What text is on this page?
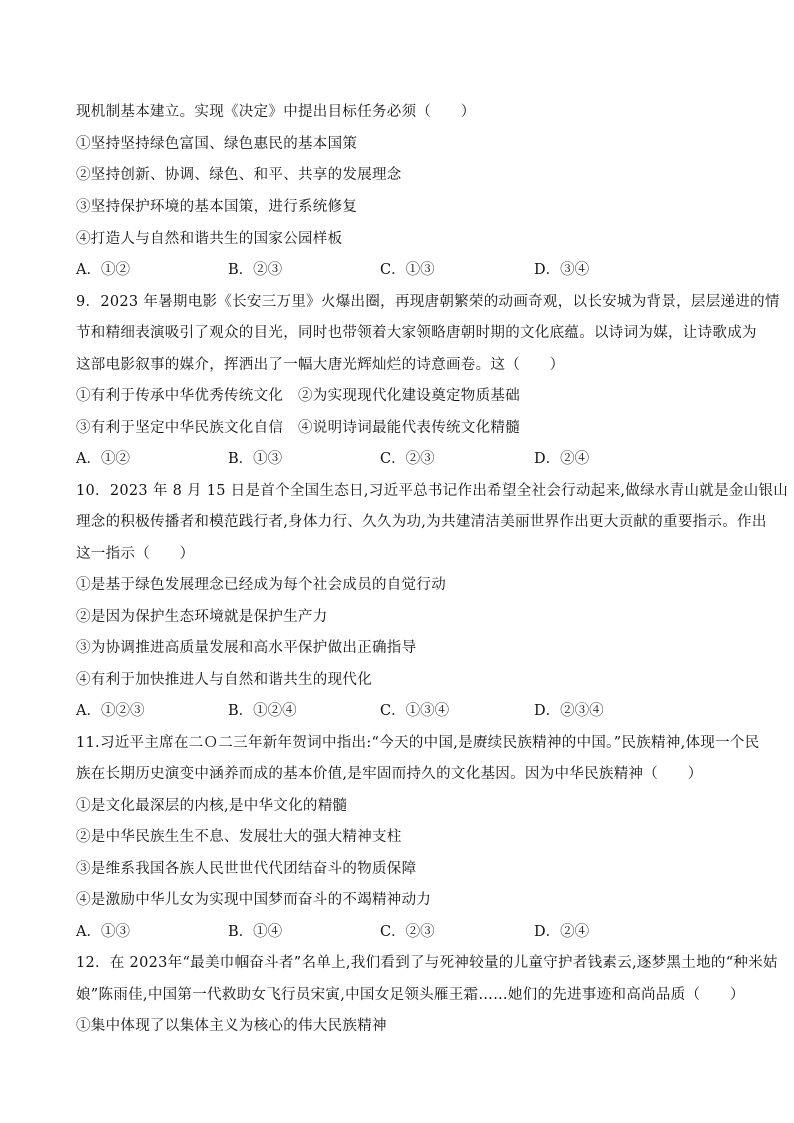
现机制基本建立。实现《决定》中提出目标任务必须（　　）
①坚持坚持绿色富国、绿色惠民的基本国策
②坚持创新、协调、绿色、和平、共享的发展理念
③坚持保护环境的基本国策，进行系统修复
④打造人与自然和谐共生的国家公园样板
A．①②	B．②③	C．①③	D．③④
9．2023 年暑期电影《长安三万里》火爆出圈，再现唐朝繁荣的动画奇观，以长安城为背景，层层递进的情
节和精细表演吸引了观众的目光，同时也带领着大家领略唐朝时期的文化底蕴。以诗词为媒，让诗歌成为
这部电影叙事的媒介，挥洒出了一幅大唐光辉灿烂的诗意画卷。这（　　）
①有利于传承中华优秀传统文化　②为实现现代化建设奠定物质基础
③有利于坚定中华民族文化自信　④说明诗词最能代表传统文化精髓
A．①②	B．①③	C．②③	D．②④
10．2023 年 8 月 15 日是首个全国生态日,习近平总书记作出希望全社会行动起来,做绿水青山就是金山银山
理念的积极传播者和模范践行者,身体力行、久久为功,为共建清洁美丽世界作出更大贡献的重要指示。作出
这一指示（　　）
①是基于绿色发展理念已经成为每个社会成员的自觉行动
②是因为保护生态环境就是保护生产力
③为协调推进高质量发展和高水平保护做出正确指导
④有利于加快推进人与自然和谐共生的现代化
A．①②③	B．①②④	C．①③④	D．②③④
11.习近平主席在二Ｏ二三年新年贺词中指出:“今天的中国,是赓续民族精神的中国。”民族精神,体现一个民
族在长期历史演变中涵养而成的基本价值,是牢固而持久的文化基因。因为中华民族精神（　　）
①是文化最深层的内核,是中华文化的精髓
②是中华民族生生不息、发展壮大的强大精神支柱
③是维系我国各族人民世世代代团结奋斗的物质保障
④是激励中华儿女为实现中国梦而奋斗的不竭精神动力
A．①③	B．①④	C．②③	D．②④
12．在 2023年“最美巾帼奋斗者”名单上,我们看到了与死神较量的儿童守护者钱素云,逐梦黑土地的“种米姑
娘”陈雨佳,中国第一代救助女飞行员宋寅,中国女足领头雁王霜……她们的先进事迹和高尚品质（　　）
①集中体现了以集体主义为核心的伟大民族精神
